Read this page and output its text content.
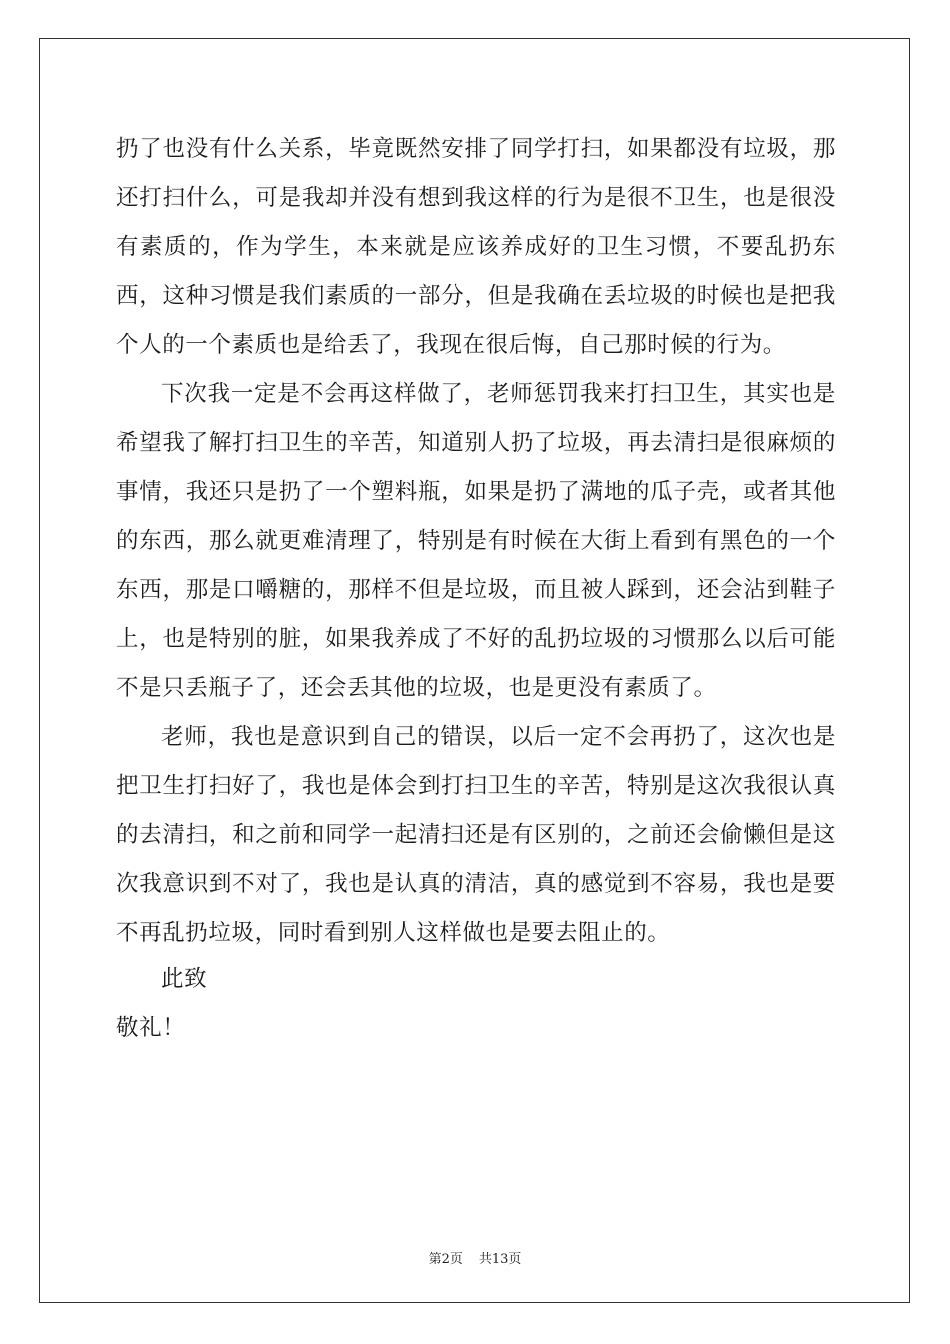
扔了也没有什么关系，毕竟既然安排了同学打扫，如果都没有垃圾，那还打扫什么，可是我却并没有想到我这样的行为是很不卫生，也是很没有素质的，作为学生，本来就是应该养成好的卫生习惯，不要乱扔东西，这种习惯是我们素质的一部分，但是我确在丢垃圾的时候也是把我个人的一个素质也是给丢了，我现在很后悔，自己那时候的行为。

下次我一定是不会再这样做了，老师惩罚我来打扫卫生，其实也是希望我了解打扫卫生的辛苦，知道别人扔了垃圾，再去清扫是很麻烦的事情，我还只是扔了一个塑料瓶，如果是扔了满地的瓜子壳，或者其他的东西，那么就更难清理了，特别是有时候在大街上看到有黑色的一个东西，那是口嚼糖的，那样不但是垃圾，而且被人踩到，还会沾到鞋子上，也是特别的脏，如果我养成了不好的乱扔垃圾的习惯那么以后可能不是只丢瓶子了，还会丢其他的垃圾，也是更没有素质了。

老师，我也是意识到自己的错误，以后一定不会再扔了，这次也是把卫生打扫好了，我也是体会到打扫卫生的辛苦，特别是这次我很认真的去清扫，和之前和同学一起清扫还是有区别的，之前还会偷懒但是这次我意识到不对了，我也是认真的清洁，真的感觉到不容易，我也是要不再乱扔垃圾，同时看到别人这样做也是要去阻止的。

此致

敬礼！

第2页 共13页
